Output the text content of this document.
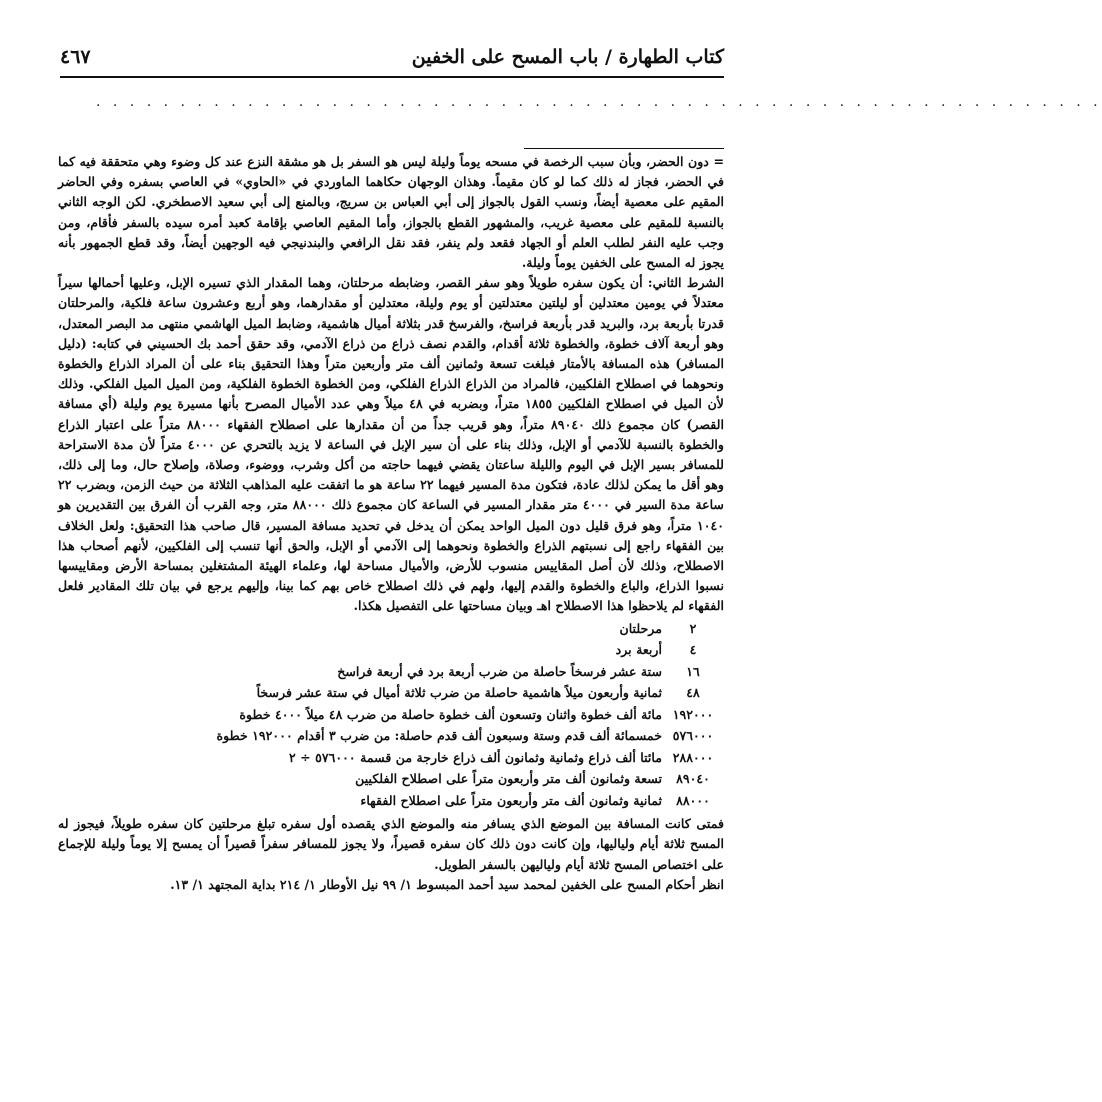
كتاب الطهارة / باب المسح على الخفين
٤٦٧
. . . . . . . . . . . . . . . . . . . . . . . . . . . . . . . . . . . . . . . . . . . . . . . . . . . . . . . . . . . .

= دون الحضر، وبأن سبب الرخصة في مسحه يوماً وليلة ليس هو السفر بل هو مشقة النزع عند كل وضوء وهي متحققة فيه كما في الحضر، فجاز له ذلك كما لو كان مقيماً. وهذان الوجهان حكاهما الماوردي في «الحاوي» في العاصي بسفره وفي الحاضر المقيم على معصية أيضاً، ونسب القول بالجواز إلى أبي العباس بن سريج، وبالمنع إلى أبي سعيد الاصطخري. لكن الوجه الثاني بالنسبة للمقيم على معصية غريب، والمشهور القطع بالجواز، وأما المقيم العاصي بإقامة كعبد أمره سيده بالسفر فأقام، ومن وجب عليه النفر لطلب العلم أو الجهاد فقعد ولم ينفر، فقد نقل الرافعي والبندنيجي فيه الوجهين أيضاً، وقد قطع الجمهور بأنه يجوز له المسح على الخفين يوماً وليلة.

الشرط الثاني: أن يكون سفره طويلاً وهو سفر القصر، وضابطه مرحلتان، وهما المقدار الذي تسيره الإبل، وعليها أحمالها سيراً معتدلاً في يومين معتدلين أو ليلتين معتدلتين أو يوم وليلة، معتدلين أو مقدارهما، وهو أربع وعشرون ساعة فلكية، والمرحلتان قدرتا بأربعة برد، والبريد قدر بأربعة فراسخ، والفرسخ قدر بثلاثة أميال هاشمية، وضابط الميل الهاشمي منتهى مد البصر المعتدل، وهو أربعة آلاف خطوة، والخطوة ثلاثة أقدام، والقدم نصف ذراع من ذراع الآدمي، وقد حقق أحمد بك الحسيني في كتابه: (دليل المسافر) هذه المسافة بالأمتار فبلغت تسعة وثمانين ألف متر وأربعين متراً وهذا التحقيق بناء على أن المراد الذراع والخطوة ونحوهما في اصطلاح الفلكيين، فالمراد من الذراع الذراع الفلكي، ومن الخطوة الخطوة الفلكية، ومن الميل الميل الفلكي. وذلك لأن الميل في اصطلاح الفلكيين ١٨٥٥ متراً، وبضربه في ٤٨ ميلاً وهي عدد الأميال المصرح بأنها مسيرة يوم وليلة (أي مسافة القصر) كان مجموع ذلك ٨٩٠٤٠ متراً، وهو قريب جداً من أن مقدارها على اصطلاح الفقهاء ٨٨٠٠٠ متراً على اعتبار الذراع والخطوة بالنسبة للآدمي أو الإبل، وذلك بناء على أن سير الإبل في الساعة لا يزيد بالتحري عن ٤٠٠٠ متراً لأن مدة الاستراحة للمسافر بسير الإبل في اليوم والليلة ساعتان يقضي فيهما حاجته من أكل وشرب، ووضوء، وصلاة، وإصلاح حال، وما إلى ذلك، وهو أقل ما يمكن لذلك عادة، فتكون مدة المسير فيهما ٢٢ ساعة هو ما اتفقت عليه المذاهب الثلاثة من حيث الزمن، وبضرب ٢٢ ساعة مدة السير في ٤٠٠٠ متر مقدار المسير في الساعة كان مجموع ذلك ٨٨٠٠٠ متر، وجه القرب أن الفرق بين التقديرين هو ١٠٤٠ متراً، وهو فرق قليل دون الميل الواحد يمكن أن يدخل في تحديد مسافة المسير، قال صاحب هذا التحقيق: ولعل الخلاف بين الفقهاء راجع إلى نسبتهم الذراع والخطوة ونحوهما إلى الآدمي أو الإبل، والحق أنها تنسب إلى الفلكيين، لأنهم أصحاب هذا الاصطلاح، وذلك لأن أصل المقاييس منسوب للأرض، والأميال مساحة لها، وعلماء الهيئة المشتغلين بمساحة الأرض ومقاييسها نسبوا الذراع، والباع والخطوة والقدم إليها، ولهم في ذلك اصطلاح خاص بهم كما بينا، وإليهم يرجع في بيان تلك المقادير فلعل الفقهاء لم يلاحظوا هذا الاصطلاح اهـ وبيان مساحتها على التفصيل هكذا.

٢
مرحلتان
٤
أربعة برد
١٦
ستة عشر فرسخاً حاصلة من ضرب أربعة برد في أربعة فراسخ
٤٨
ثمانية وأربعون ميلاً هاشمية حاصلة من ضرب ثلاثة أميال في ستة عشر فرسخاً
١٩٢٠٠٠
مائة ألف خطوة واثنان وتسعون ألف خطوة حاصلة من ضرب ٤٨ ميلاً ٤٠٠٠ خطوة
٥٧٦٠٠٠
خمسمائة ألف قدم وستة وسبعون ألف قدم حاصلة: من ضرب ٣ أقدام ١٩٢٠٠٠ خطوة
٢٨٨٠٠٠
مائتا ألف ذراع وثمانية وثمانون ألف ذراع خارجة من قسمة ٥٧٦٠٠٠ ÷ ٢
٨٩٠٤٠
تسعة وثمانون ألف متر وأربعون متراً على اصطلاح الفلكيين
٨٨٠٠٠
ثمانية وثمانون ألف متر وأربعون متراً على اصطلاح الفقهاء

فمتى كانت المسافة بين الموضع الذي يسافر منه والموضع الذي يقصده أول سفره تبلغ مرحلتين كان سفره طويلاً، فيجوز له المسح ثلاثة أيام ولياليها، وإن كانت دون ذلك كان سفره قصيراً، ولا يجوز للمسافر سفراً قصيراً أن يمسح إلا يوماً وليلة للإجماع على اختصاص المسح ثلاثة أيام ولياليهن بالسفر الطويل.

انظر أحكام المسح على الخفين لمحمد سيد أحمد المبسوط ١/ ٩٩ نيل الأوطار ١/ ٢١٤ بداية المجتهد ١/ ١٣.
